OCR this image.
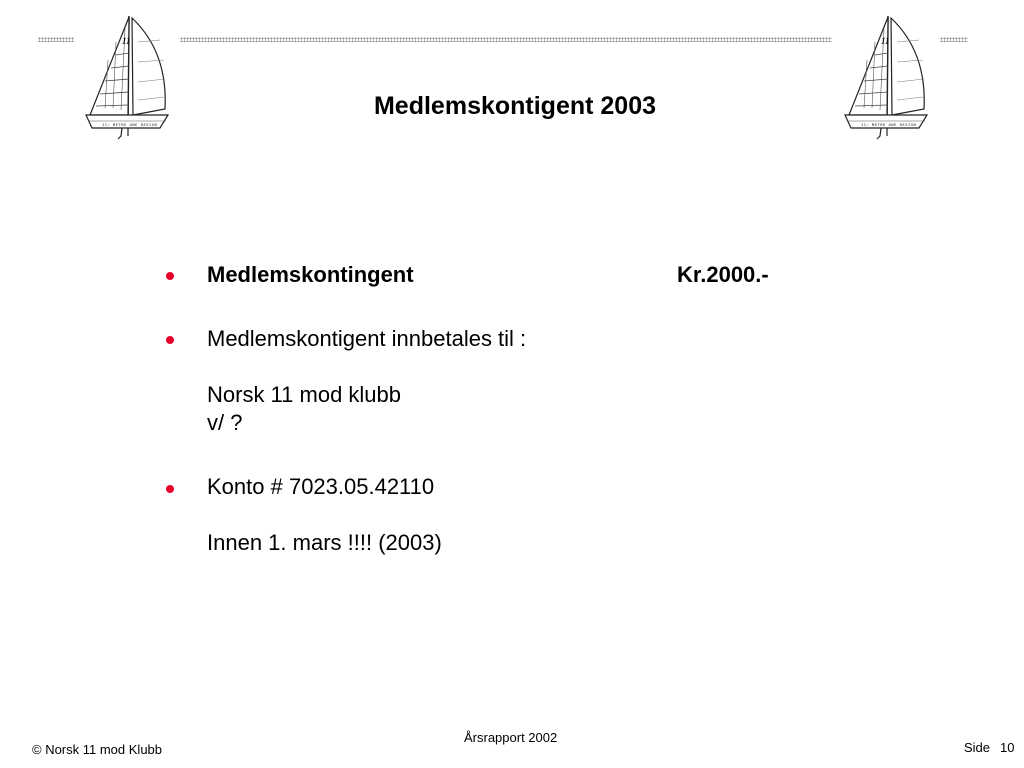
11
11: METRE ONE DESIGN
11
11: METRE ONE DESIGN
Medlemskontigent 2003
Medlemskontingent	Kr.2000.-
Medlemskontigent innbetales til :
Norsk 11 mod klubb
v/ ?
Konto # 7023.05.42110
Innen 1. mars !!!! (2003)
Årsrapport 2002
© Norsk 11 mod Klubb	Side 10
